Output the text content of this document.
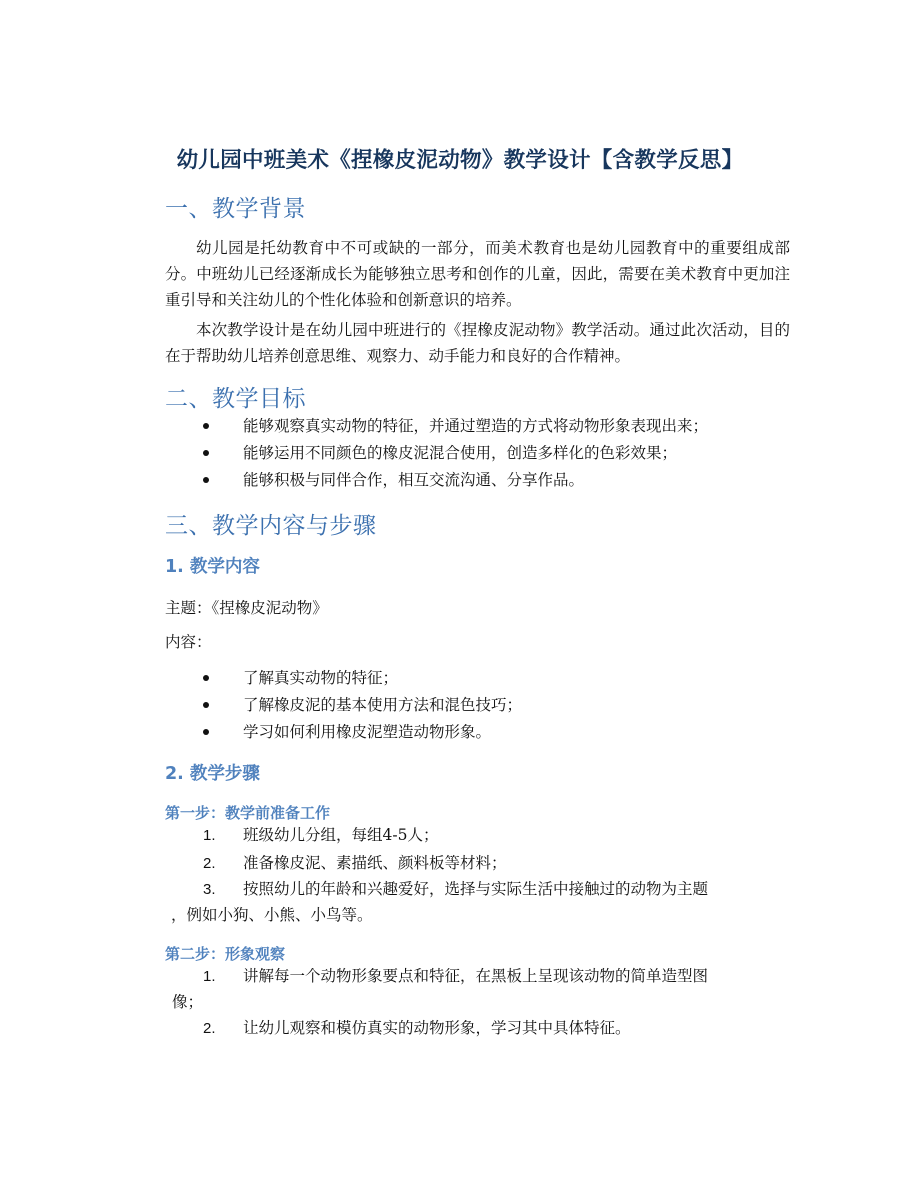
幼儿园中班美术《捏橡皮泥动物》教学设计【含教学反思】
一、教学背景
幼儿园是托幼教育中不可或缺的一部分，而美术教育也是幼儿园教育中的重要组成部分。中班幼儿已经逐渐成长为能够独立思考和创作的儿童，因此，需要在美术教育中更加注重引导和关注幼儿的个性化体验和创新意识的培养。
本次教学设计是在幼儿园中班进行的《捏橡皮泥动物》教学活动。通过此次活动，目的在于帮助幼儿培养创意思维、观察力、动手能力和良好的合作精神。
二、教学目标
能够观察真实动物的特征，并通过塑造的方式将动物形象表现出来；
能够运用不同颜色的橡皮泥混合使用，创造多样化的色彩效果；
能够积极与同伴合作，相互交流沟通、分享作品。
三、教学内容与步骤
1. 教学内容
主题：《捏橡皮泥动物》
内容：
了解真实动物的特征；
了解橡皮泥的基本使用方法和混色技巧；
学习如何利用橡皮泥塑造动物形象。
2. 教学步骤
第一步：教学前准备工作
1. 班级幼儿分组，每组4-5人；
2. 准备橡皮泥、素描纸、颜料板等材料；
3. 按照幼儿的年龄和兴趣爱好，选择与实际生活中接触过的动物为主题
，例如小狗、小熊、小鸟等。
第二步：形象观察
1. 讲解每一个动物形象要点和特征，在黑板上呈现该动物的简单造型图
像；
2. 让幼儿观察和模仿真实的动物形象，学习其中具体特征。
